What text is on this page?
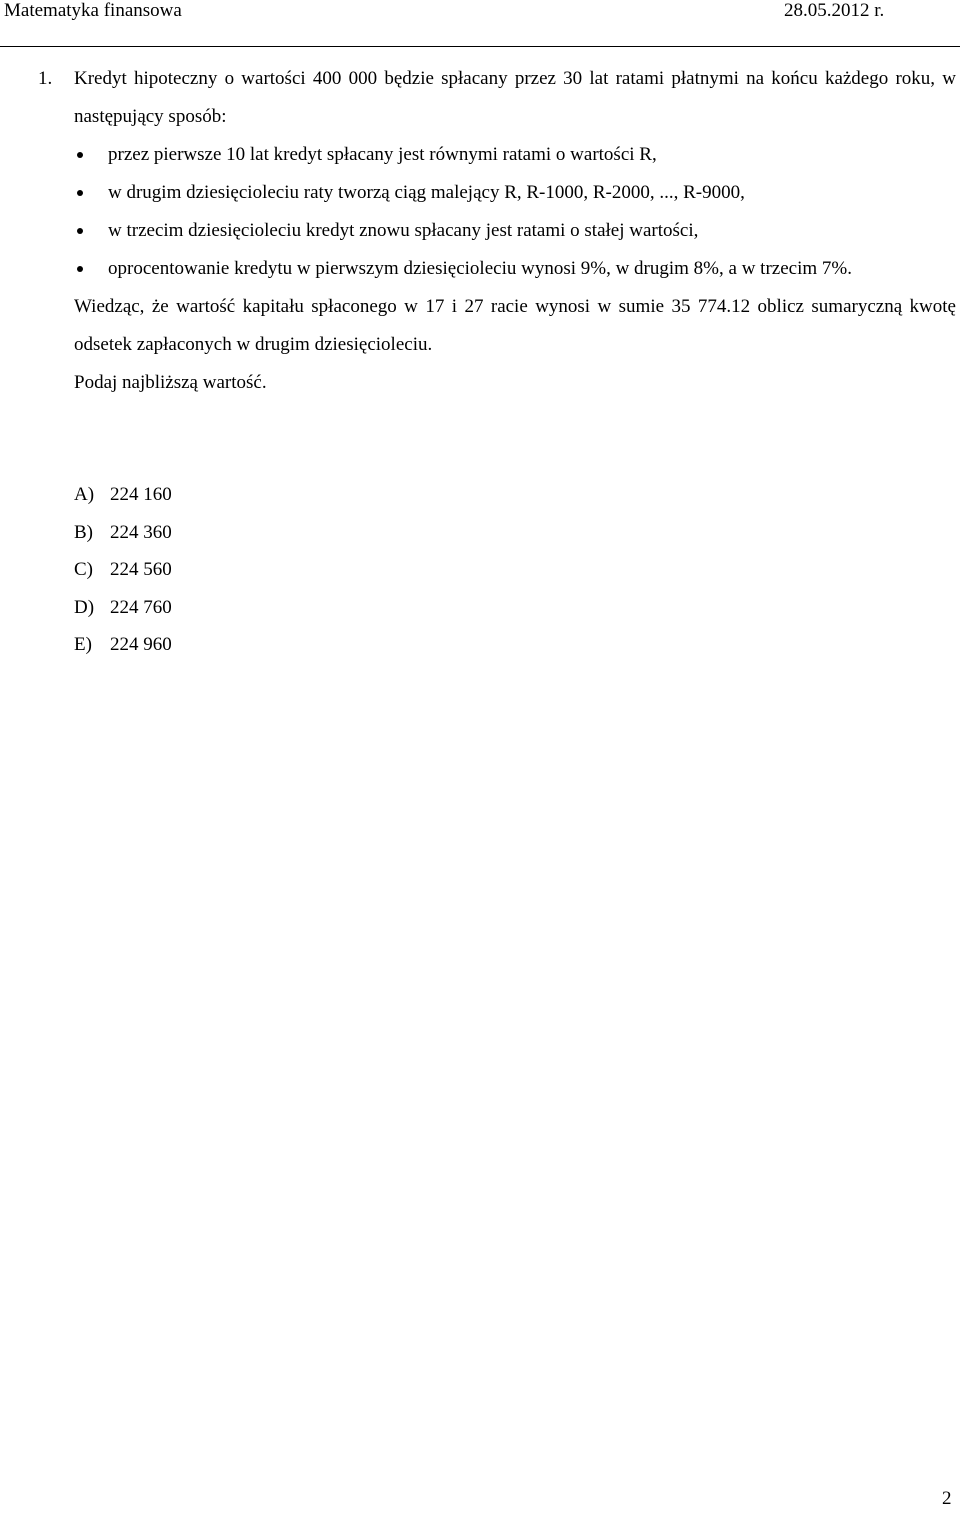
Matematyka finansowa	28.05.2012 r.
1. Kredyt hipoteczny o wartości 400 000 będzie spłacany przez 30 lat ratami płatnymi na końcu każdego roku, w następujący sposób:
przez pierwsze 10 lat kredyt spłacany jest równymi ratami o wartości R,
w drugim dziesięcioleciu raty tworzą ciąg malejący R, R-1000, R-2000, ..., R-9000,
w trzecim dziesięcioleciu kredyt znowu spłacany jest ratami o stałej wartości,
oprocentowanie kredytu w pierwszym dziesięcioleciu wynosi 9%, w drugim 8%, a w trzecim 7%.
Wiedząc, że wartość kapitału spłaconego w 17 i 27 racie wynosi w sumie 35 774.12 oblicz sumaryczną kwotę odsetek zapłaconych w drugim dziesięcioleciu.
Podaj najbliższą wartość.
A) 224 160
B) 224 360
C) 224 560
D) 224 760
E) 224 960
2
